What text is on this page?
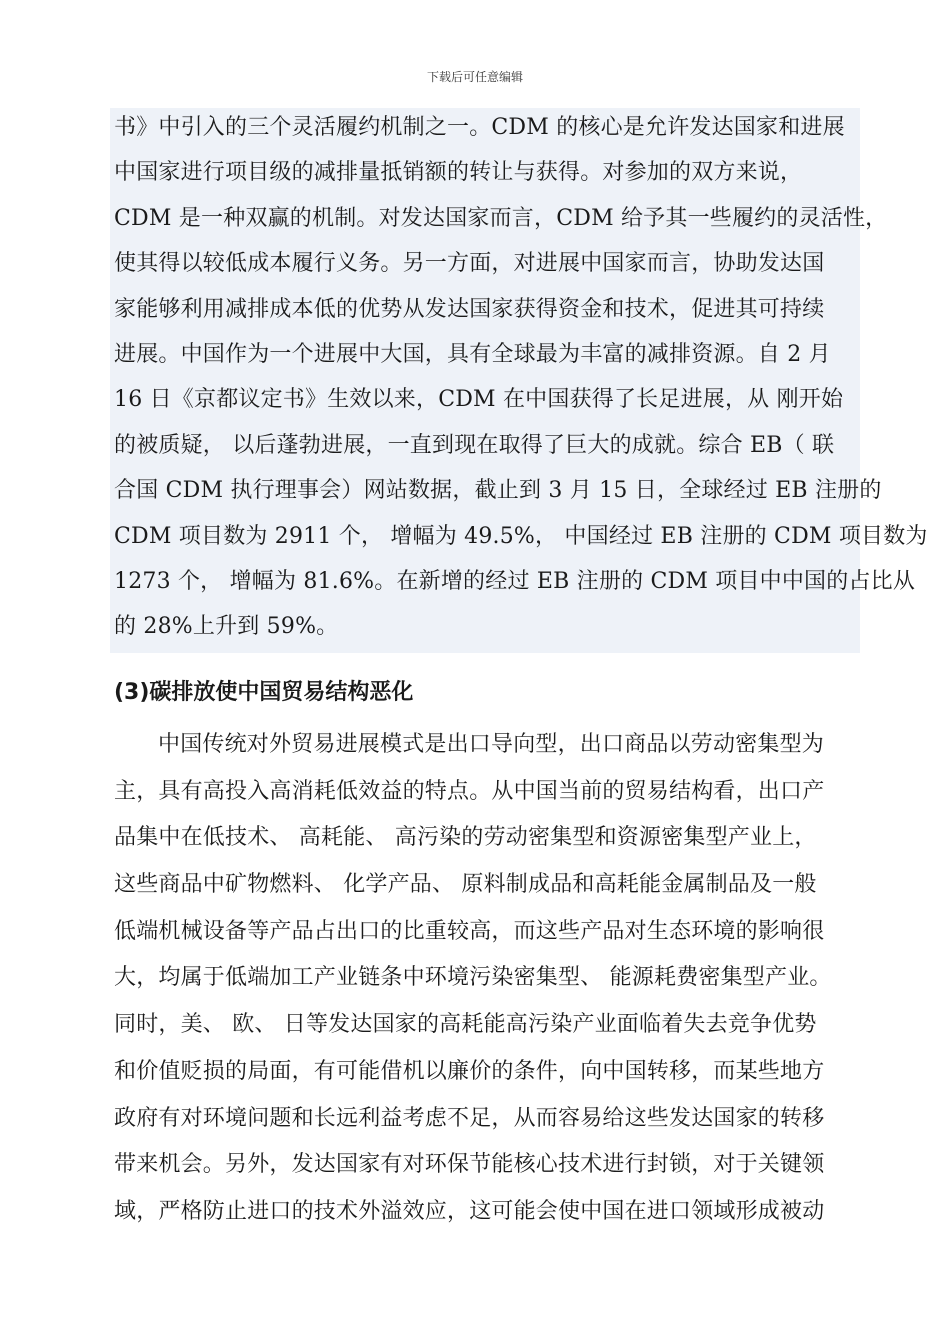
下载后可任意编辑
书》中引入的三个灵活履约机制之一。CDM 的核心是允许发达国家和进展
中国家进行项目级的减排量抵销额的转让与获得。对参加的双方来说，
CDM 是一种双赢的机制。对发达国家而言，CDM 给予其一些履约的灵活性，
使其得以较低成本履行义务。另一方面，对进展中国家而言，协助发达国
家能够利用减排成本低的优势从发达国家获得资金和技术，促进其可持续
进展。中国作为一个进展中大国，具有全球最为丰富的减排资源。自 2 月
16 日《京都议定书》生效以来，CDM 在中国获得了长足进展，从 刚开始
的被质疑， 以后蓬勃进展，一直到现在取得了巨大的成就。综合 EB（ 联
合国 CDM 执行理事会）网站数据，截止到 3 月 15 日，全球经过 EB 注册的
CDM 项目数为 2911 个， 增幅为 49.5%， 中国经过 EB 注册的 CDM 项目数为
1273 个， 增幅为 81.6%。在新增的经过 EB 注册的 CDM 项目中中国的占比从
的 28%上升到 59%。
(3)碳排放使中国贸易结构恶化
中国传统对外贸易进展模式是出口导向型，出口商品以劳动密集型为
主，具有高投入高消耗低效益的特点。从中国当前的贸易结构看，出口产
品集中在低技术、 高耗能、 高污染的劳动密集型和资源密集型产业上，
这些商品中矿物燃料、 化学产品、 原料制成品和高耗能金属制品及一般
低端机械设备等产品占出口的比重较高，而这些产品对生态环境的影响很
大，均属于低端加工产业链条中环境污染密集型、 能源耗费密集型产业。
同时，美、 欧、 日等发达国家的高耗能高污染产业面临着失去竞争优势
和价值贬损的局面，有可能借机以廉价的条件，向中国转移，而某些地方
政府有对环境问题和长远利益考虑不足，从而容易给这些发达国家的转移
带来机会。另外，发达国家有对环保节能核心技术进行封锁，对于关键领
域，严格防止进口的技术外溢效应，这可能会使中国在进口领域形成被动
